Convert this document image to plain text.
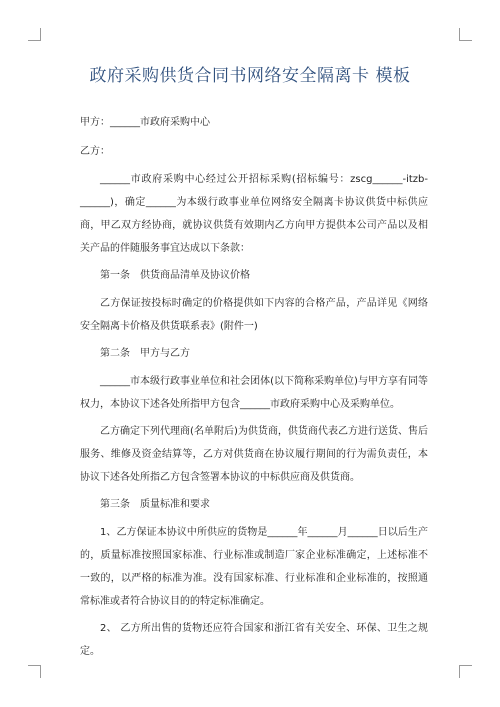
政府采购供货合同书网络安全隔离卡 模板

甲方：______市政府采购中心

乙方：

______市政府采购中心经过公开招标采购(招标编号：zscg______-itzb-______)，确定______为本级行政事业单位网络安全隔离卡协议供货中标供应商，甲乙双方经协商，就协议供货有效期内乙方向甲方提供本公司产品以及相关产品的伴随服务事宜达成以下条款：

第一条　供货商品清单及协议价格

乙方保证按投标时确定的价格提供如下内容的合格产品，产品详见《网络安全隔离卡价格及供货联系表》(附件一)

第二条　甲方与乙方

______市本级行政事业单位和社会团体(以下简称采购单位)与甲方享有同等权力，本协议下述各处所指甲方包含______市政府采购中心及采购单位。

乙方确定下列代理商(名单附后)为供货商，供货商代表乙方进行送货、售后服务、维修及资金结算等，乙方对供货商在协议履行期间的行为需负责任，本协议下述各处所指乙方包含签署本协议的中标供应商及供货商。

第三条　质量标准和要求

1、乙方保证本协议中所供应的货物是______年______月______日以后生产的，质量标准按照国家标准、行业标准或制造厂家企业标准确定，上述标准不一致的，以严格的标准为准。没有国家标准、行业标准和企业标准的，按照通常标准或者符合协议目的的特定标准确定。

2、 乙方所出售的货物还应符合国家和浙江省有关安全、环保、卫生之规定。
